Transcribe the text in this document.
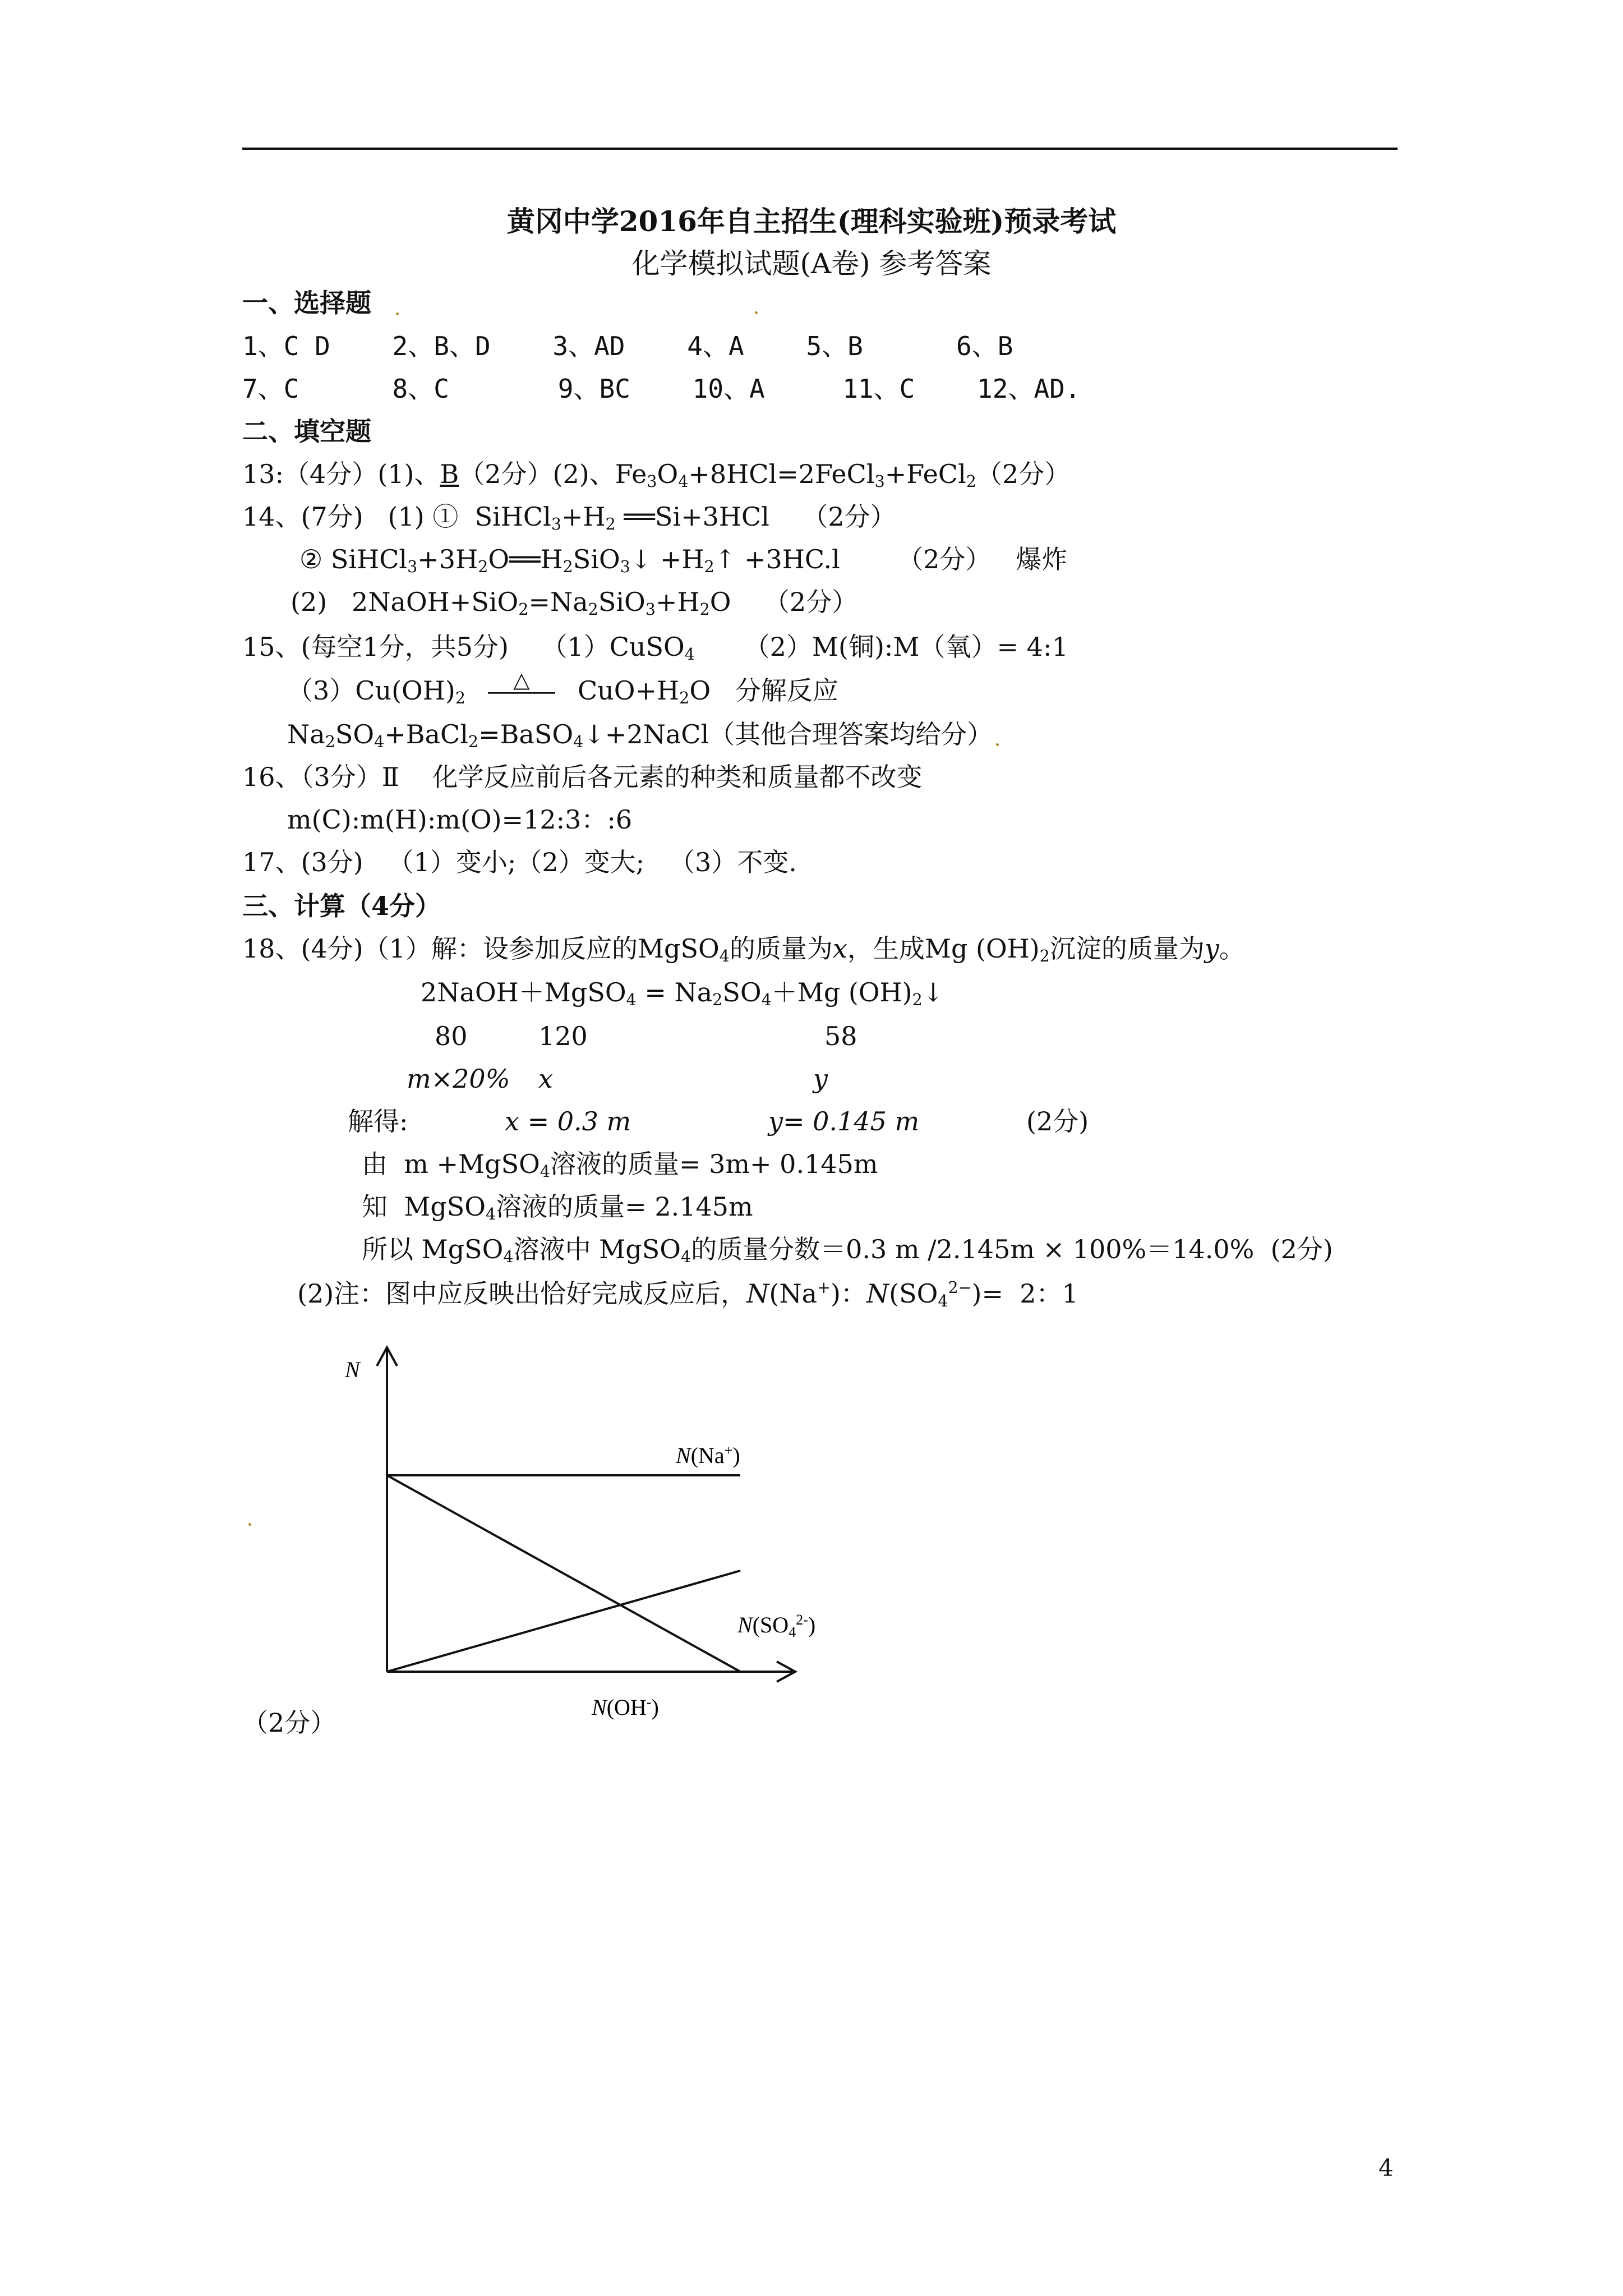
黄冈中学2016年自主招生(理科实验班)预录考试
化学模拟试题(A卷) 参考答案
一、选择题
1、C D    2、B、D    3、AD    4、A    5、B      6、B
7、C      8、C       9、BC    10、A     11、C    12、AD.
二、填空题
13:（4分）(1)、B（2分）(2)、$Fe_3O_4+8HCl=2FeCl_3+FeCl_2(2$分）
14、(7分)   (1) ①  $SiHCl_3+H_2$ ══Si+3HCl    （2分）
② $SiHCl_3+3H_2O══H_2SiO_3↓$ $+H_2↑ +3HC.l$       （2分）   爆炸
(2)   $2NaOH+SiO_2=Na_2SiO_3+H_2O$    （2分）
15、(每空1分，共5分)    （1）CuSO$_4$      （2）M(铜):M（氧）= 4:1
$(3)Cu(OH)_2\triangle$ $CuO+H_2O$   分解反应
$Na_2SO_4+BaCl_2=BaSO_4↓+2NaCl$（其他合理答案均给分）
16、（3分）Ⅱ    化学反应前后各元素的种类和质量都不改变
m(C):m(H):m(O)=12:3：:6
17、(3分)   （1）变小;（2）变大;   （3）不变.
三、计算（4分）
18、(4分)（1）解：设参加反应的MgSO$_4$的质量为x，生成Mg $(OH)_2$沉淀的质量为y。
2NaOH＋MgSO$_4$ = $Na_2SO_4+Mg$ $(OH)_2↓$
80	120	58
m×20% x	y
解得:	x = 0.3 m	y= 0.145 m	(2分)
由  m +MgSO$_4$溶液的质量= 3m+ 0.145m
知  MgSO$_4$溶液的质量= 2.145m
所以 MgSO$_4$溶液中 MgSO$_4$的质量分数＝0.3 m /2.145m × 100%＝14.0%  (2分)
(2)注：图中应反映出恰好完成反应后，N(Na+)：$N(SO_4^{2-})= 2$：1
N
N(Na+)
$N(SO_4^{2-})$
N(OH-)
（2分）
4
